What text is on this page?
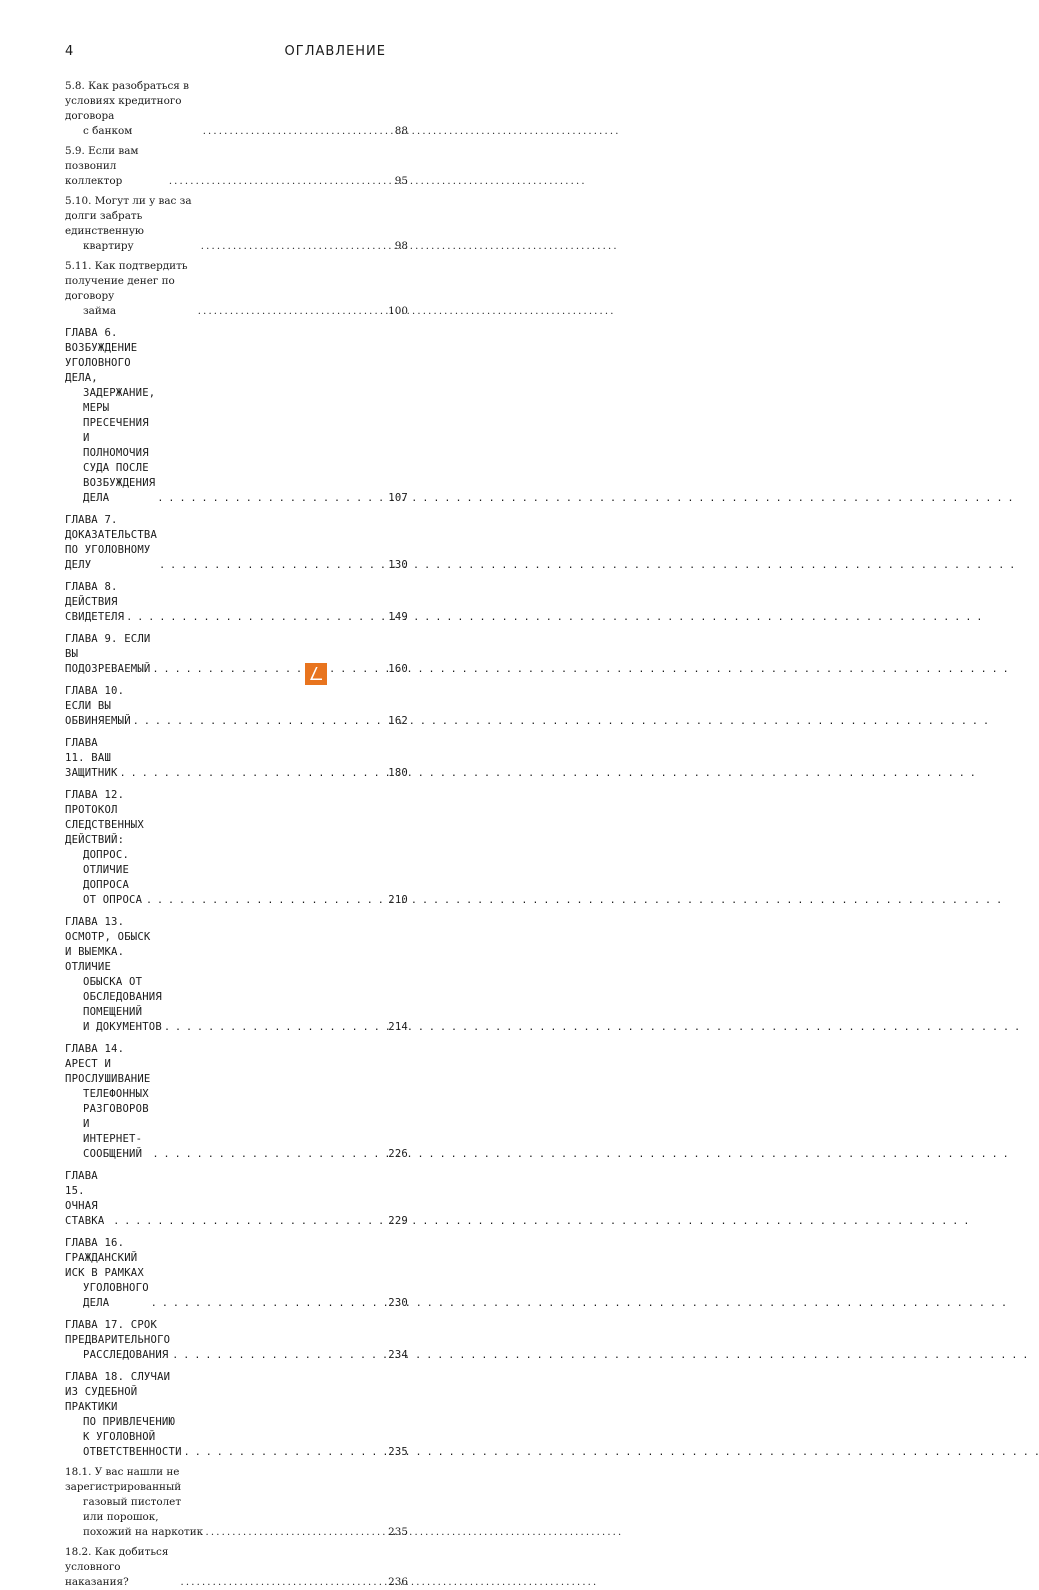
4	ОГЛАВЛЕНИЕ
5.8. Как разобраться в условиях кредитного договора
с банком . . .	88
5.9. Если вам позвонил коллектор . . .	95
5.10. Могут ли у вас за долги забрать единственную
квартиру . . .	98
5.11. Как подтвердить получение денег по договору
займа . . .	100
ГЛАВА 6. ВОЗБУЖДЕНИЕ УГОЛОВНОГО ДЕЛА,
ЗАДЕРЖАНИЕ, МЕРЫ ПРЕСЕЧЕНИЯ И ПОЛНОМОЧИЯ
СУДА ПОСЛЕ ВОЗБУЖДЕНИЯ ДЕЛА . . .	107
ГЛАВА 7. ДОКАЗАТЕЛЬСТВА ПО УГОЛОВНОМУ ДЕЛУ . . .	130
ГЛАВА 8. ДЕЙСТВИЯ СВИДЕТЕЛЯ . . .	149
ГЛАВА 9. ЕСЛИ ВЫ ПОДОЗРЕВАЕМЫЙ . . .	160
ГЛАВА 10. ЕСЛИ ВЫ ОБВИНЯЕМЫЙ . . .	162
ГЛАВА 11. ВАШ ЗАЩИТНИК . . .	180
ГЛАВА 12. ПРОТОКОЛ СЛЕДСТВЕННЫХ ДЕЙСТВИЙ:
ДОПРОС. ОТЛИЧИЕ ДОПРОСА ОТ ОПРОСА . . .	210
ГЛАВА 13. ОСМОТР, ОБЫСК И ВЫЕМКА. ОТЛИЧИЕ
ОБЫСКА ОТ ОБСЛЕДОВАНИЯ ПОМЕЩЕНИЙ
И ДОКУМЕНТОВ . . .	214
ГЛАВА 14. АРЕСТ И ПРОСЛУШИВАНИЕ
ТЕЛЕФОННЫХ РАЗГОВОРОВ
И ИНТЕРНЕТ-СООБЩЕНИЙ . . .	226
ГЛАВА 15. ОЧНАЯ СТАВКА . . .	229
ГЛАВА 16. ГРАЖДАНСКИЙ ИСК В РАМКАХ
УГОЛОВНОГО ДЕЛА . . .	230
ГЛАВА 17. СРОК ПРЕДВАРИТЕЛЬНОГО
РАССЛЕДОВАНИЯ . . .	234
ГЛАВА 18. СЛУЧАИ ИЗ СУДЕБНОЙ ПРАКТИКИ
ПО ПРИВЛЕЧЕНИЮ К УГОЛОВНОЙ
ОТВЕТСТВЕННОСТИ . . .	235
18.1. У вас нашли не зарегистрированный
газовый пистолет или порошок, похожий на наркотик . . .	235
18.2. Как добиться условного наказания? . . .	236
